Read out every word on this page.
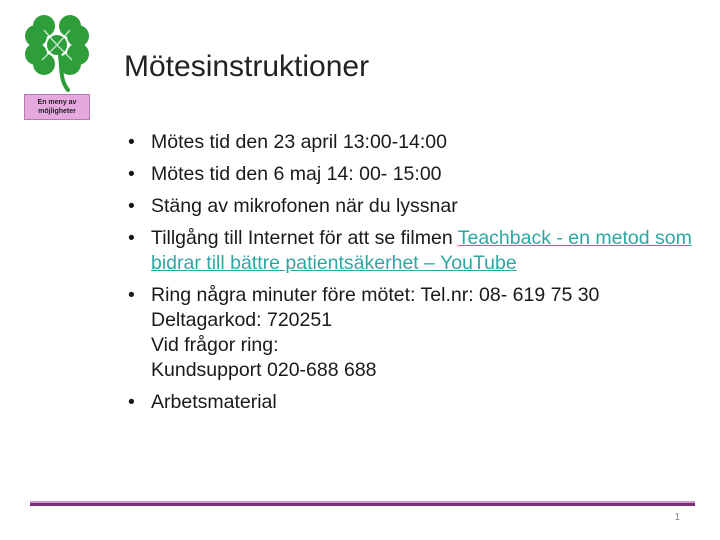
En meny av
möjligheter
Mötesinstruktioner
• Mötes tid den 23 april 13:00-14:00
• Mötes tid den 6 maj 14: 00- 15:00
• Stäng av mikrofonen när du lyssnar
• Tillgång till Internet för att se filmen Teachback - en metod som bidrar till bättre patientsäkerhet – YouTube
• Ring några minuter före mötet: Tel.nr: 08- 619 75 30
Deltagarkod: 720251
Vid frågor ring:
Kundsupport 020-688 688
• Arbetsmaterial
1
